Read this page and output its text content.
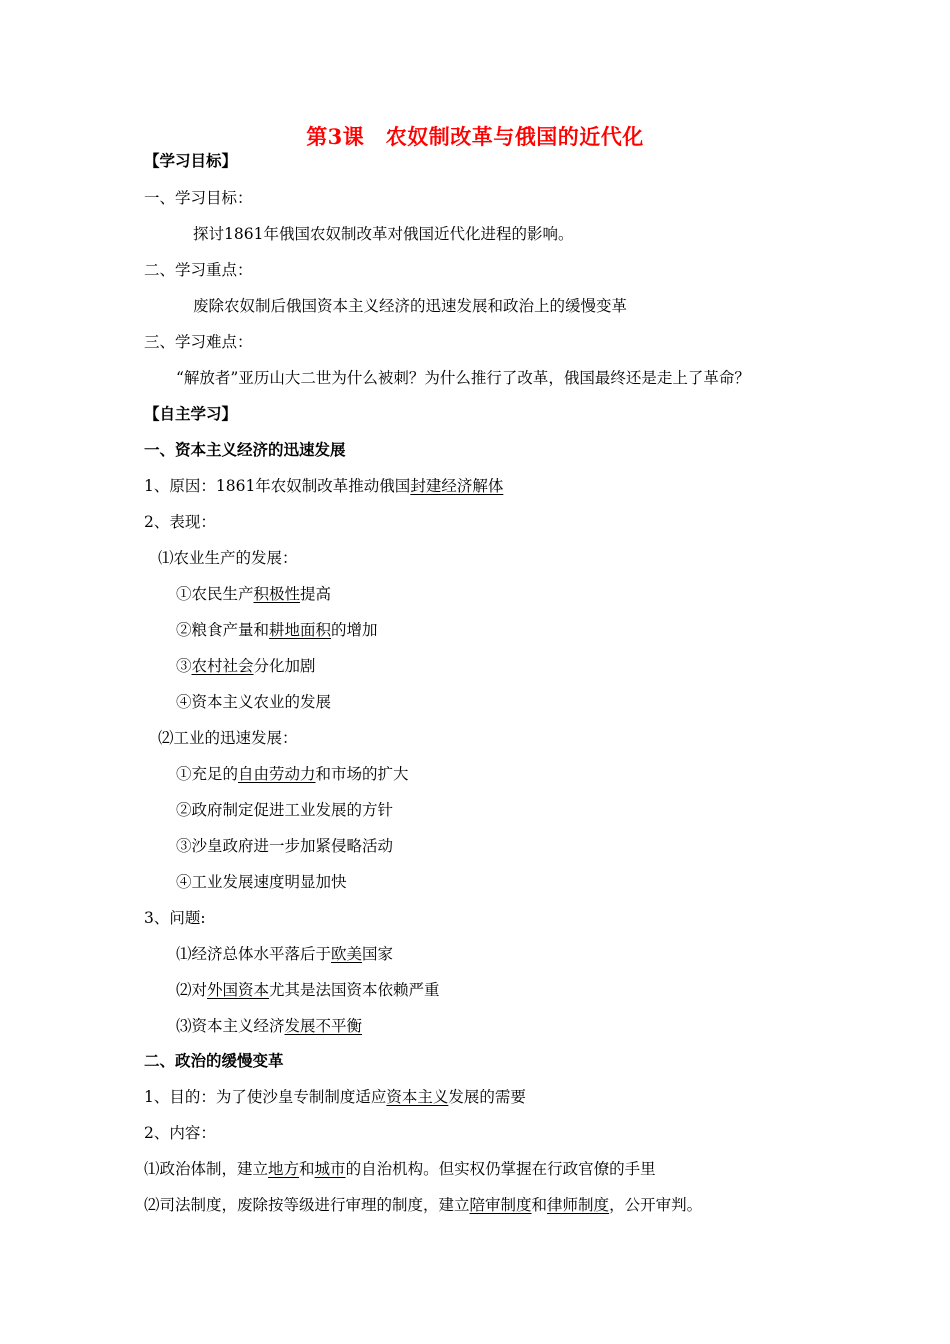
第3课　农奴制改革与俄国的近代化
【学习目标】
一、学习目标：
探讨1861年俄国农奴制改革对俄国近代化进程的影响。
二、学习重点：
废除农奴制后俄国资本主义经济的迅速发展和政治上的缓慢变革
三、学习难点：
“解放者”亚历山大二世为什么被刺？为什么推行了改革，俄国最终还是走上了革命？
【自主学习】
一、资本主义经济的迅速发展
1、原因：1861年农奴制改革推动俄国封建经济解体
2、表现：
⑴农业生产的发展：
①农民生产积极性提高
②粮食产量和耕地面积的增加
③农村社会分化加剧
④资本主义农业的发展
⑵工业的迅速发展：
①充足的自由劳动力和市场的扩大
②政府制定促进工业发展的方针
③沙皇政府进一步加紧侵略活动
④工业发展速度明显加快
3、问题:
⑴经济总体水平落后于欧美国家
⑵对外国资本尤其是法国资本依赖严重
⑶资本主义经济发展不平衡
二、政治的缓慢变革
1、目的：为了使沙皇专制制度适应资本主义发展的需要
2、内容：
⑴政治体制，建立地方和城市的自治机构。但实权仍掌握在行政官僚的手里
⑵司法制度，废除按等级进行审理的制度，建立陪审制度和律师制度，公开审判。
